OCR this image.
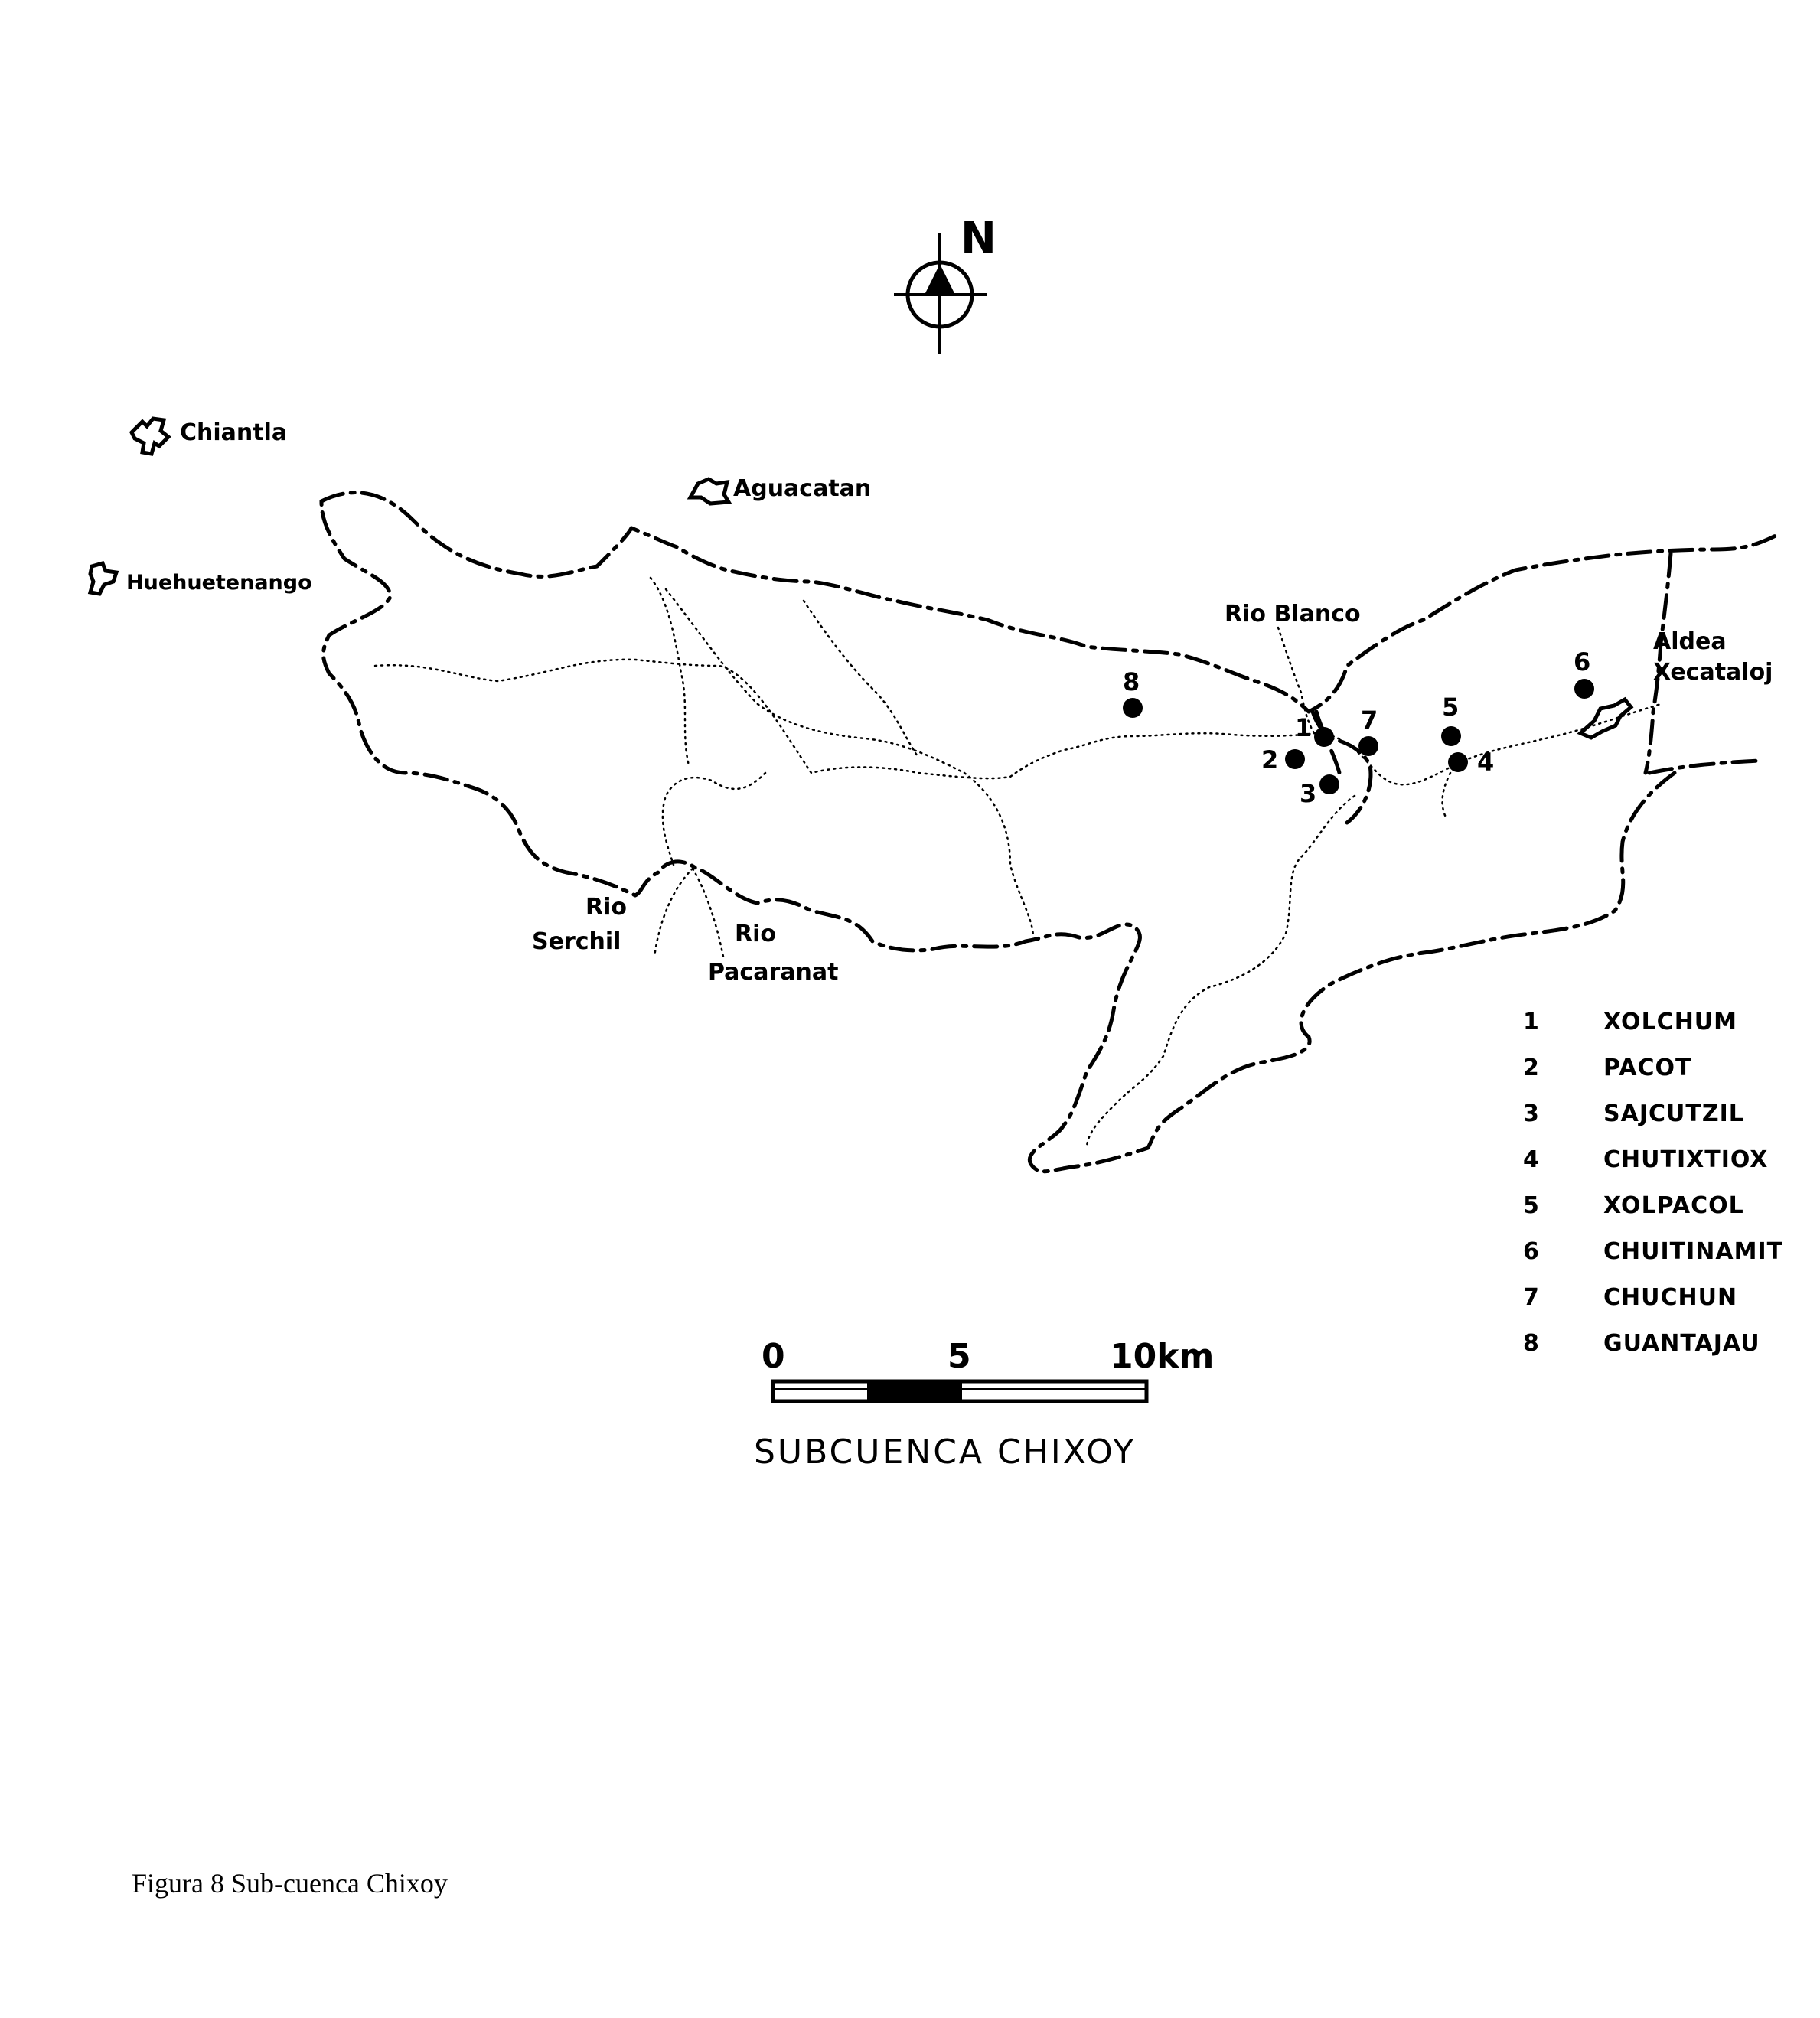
N
Chiantla
Aguacatan
Huehuetenango
Aldea
Xecataloj
Rio Blanco
Rio
Serchil	Rio
Pacaranat
8
1
2
3
7	5
4
6
0	5	10km
1	XOLCHUM
2	PACOT
3	SAJCUTZIL
4	CHUTIXTIOX
5	XOLPACOL
6	CHUITINAMIT
7	CHUCHUN
8	GUANTAJAU
SUBCUENCA CHIXOY
Figura 8 Sub-cuenca Chixoy
